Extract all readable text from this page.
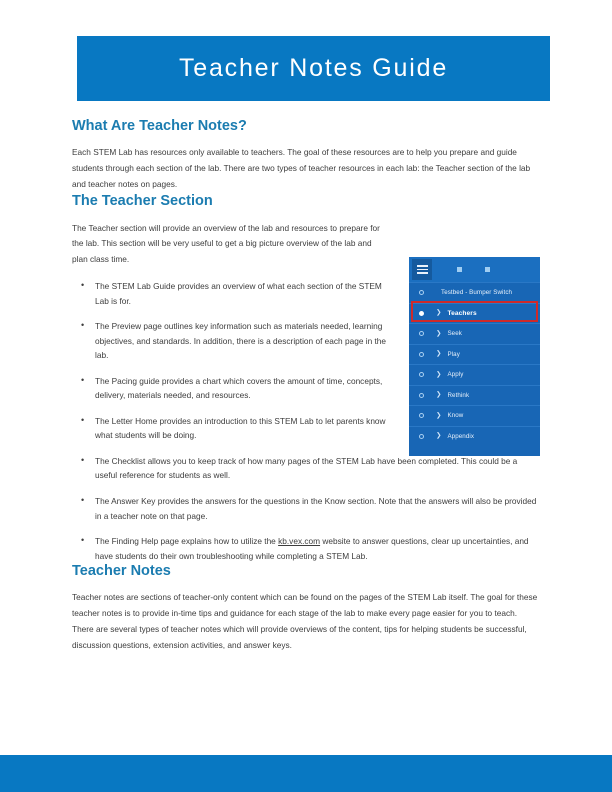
Teacher Notes Guide
What Are Teacher Notes?

Each STEM Lab has resources only available to teachers. The goal of these resources are to help you prepare and guide students through each section of the lab. There are two types of teacher resources in each lab: the Teacher section of the lab and teacher notes on pages.

The Teacher Section

The Teacher section will provide an overview of the lab and resources to prepare for the lab. This section will be very useful to get a big picture overview of the lab and plan class time.

• The STEM Lab Guide provides an overview of what each section of the STEM Lab is for.
• The Preview page outlines key information such as materials needed, learning objectives, and standards. In addition, there is a description of each page in the lab.
• The Pacing guide provides a chart which covers the amount of time, concepts, delivery, materials needed, and resources.
• The Letter Home provides an introduction to this STEM Lab to let parents know what students will be doing.
• The Checklist allows you to keep track of how many pages of the STEM Lab have been completed. This could be a useful reference for students as well.
• The Answer Key provides the answers for the questions in the Know section. Note that the answers will also be provided in a teacher note on that page.
• The Finding Help page explains how to utilize the kb.vex.com website to answer questions, clear up uncertainties, and have students do their own troubleshooting while completing a STEM Lab.
Teacher Notes

Teacher notes are sections of teacher-only content which can be found on the pages of the STEM Lab itself. The goal for these teacher notes is to provide in-time tips and guidance for each stage of the lab to make every page easier for you to teach. There are several types of teacher notes which will provide overviews of the content, tips for helping students be successful, discussion questions, extension activities, and answer keys.

Testbed - Bumper Switch
❯ Teachers
❯ Seek
❯ Play
❯ Apply
❯ Rethink
❯ Know
❯ Appendix
